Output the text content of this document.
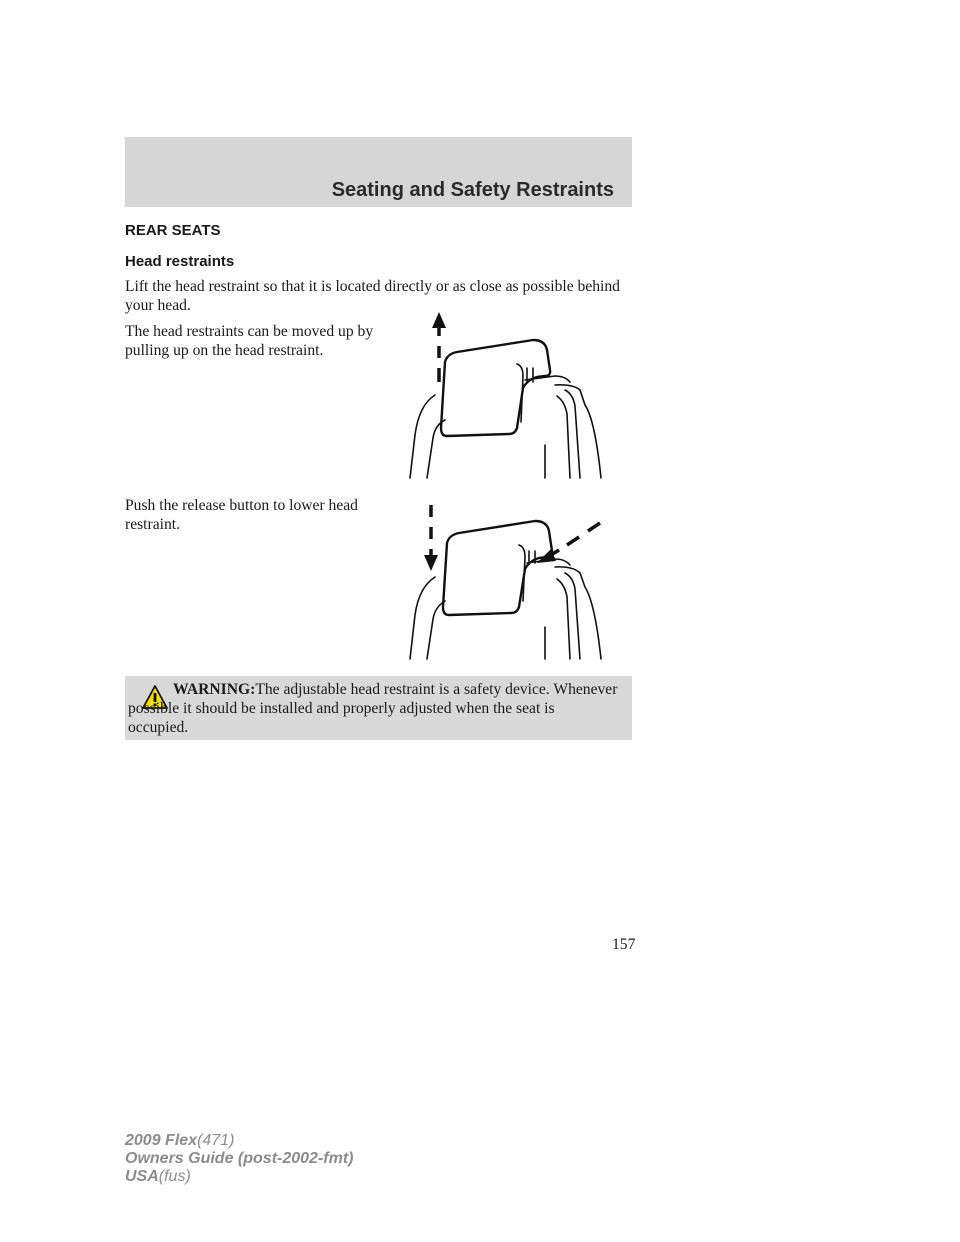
Seating and Safety Restraints
REAR SEATS
Head restraints
Lift the head restraint so that it is located directly or as close as possible behind your head.
The head restraints can be moved up by pulling up on the head restraint.
Push the release button to lower head restraint.
WARNING:The adjustable head restraint is a safety device. Whenever possible it should be installed and properly adjusted when the seat is occupied.
157
2009 Flex(471)
Owners Guide (post-2002-fmt)
USA(fus)
